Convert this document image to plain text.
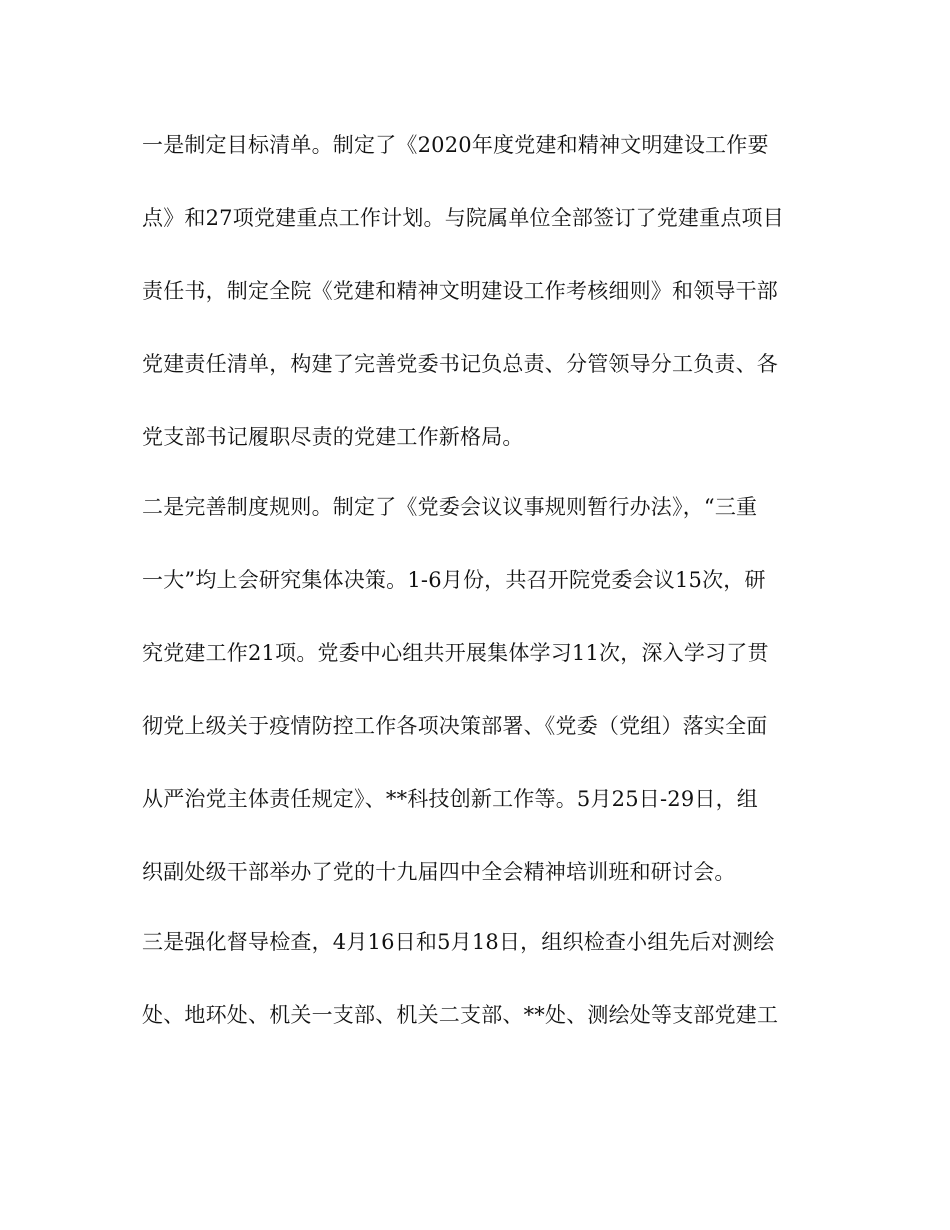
一是制定目标清单。制定了《2020年度党建和精神文明建设工作要
点》和27项党建重点工作计划。与院属单位全部签订了党建重点项目
责任书，制定全院《党建和精神文明建设工作考核细则》和领导干部
党建责任清单，构建了完善党委书记负总责、分管领导分工负责、各
党支部书记履职尽责的党建工作新格局。

二是完善制度规则。制定了《党委会议议事规则暂行办法》，“三重
一大”均上会研究集体决策。1-6月份，共召开院党委会议15次，研
究党建工作21项。党委中心组共开展集体学习11次，深入学习了贯
彻党上级关于疫情防控工作各项决策部署、《党委（党组）落实全面
从严治党主体责任规定》、**科技创新工作等。5月25日-29日，组
织副处级干部举办了党的十九届四中全会精神培训班和研讨会。

三是强化督导检查，4月16日和5月18日，组织检查小组先后对测绘
处、地环处、机关一支部、机关二支部、**处、测绘处等支部党建工
